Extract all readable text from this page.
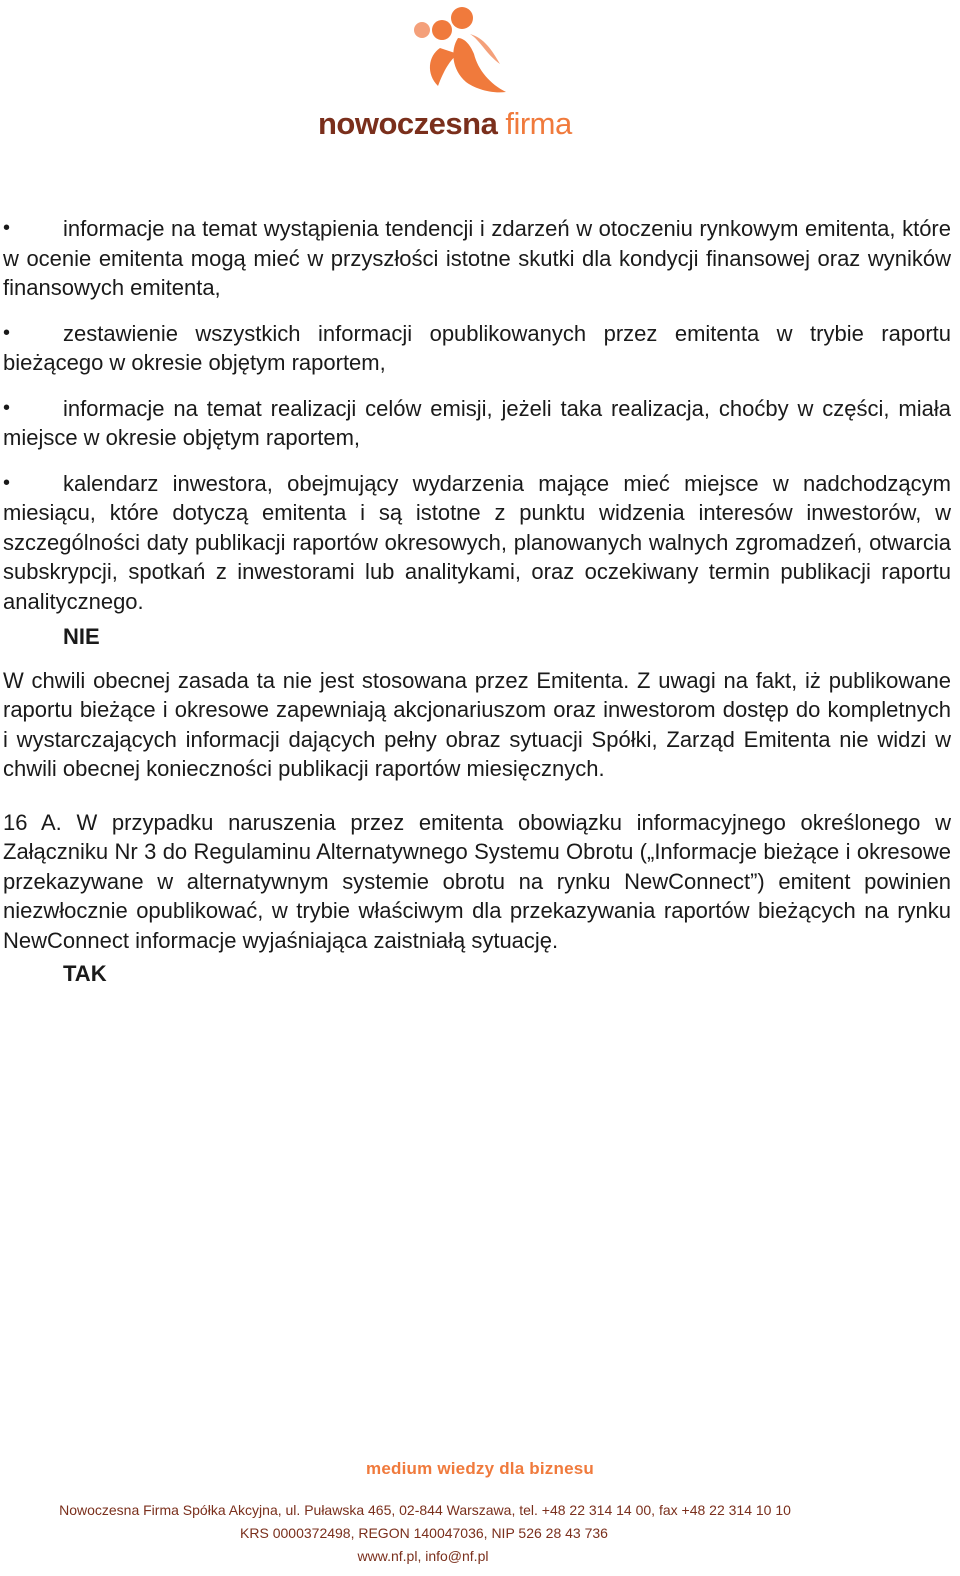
nowoczesna firma

• informacje na temat wystąpienia tendencji i zdarzeń w otoczeniu rynkowym emitenta, które w ocenie emitenta mogą mieć w przyszłości istotne skutki dla kondycji finansowej oraz wyników finansowych emitenta,

• zestawienie wszystkich informacji opublikowanych przez emitenta w trybie raportu bieżącego w okresie objętym raportem,

• informacje na temat realizacji celów emisji, jeżeli taka realizacja, choćby w części, miała miejsce w okresie objętym raportem,

• kalendarz inwestora, obejmujący wydarzenia mające mieć miejsce w nadchodzącym miesiącu, które dotyczą emitenta i są istotne z punktu widzenia interesów inwestorów, w szczególności daty publikacji raportów okresowych, planowanych walnych zgromadzeń, otwarcia subskrypcji, spotkań z inwestorami lub analitykami, oraz oczekiwany termin publikacji raportu analitycznego.

NIE

W chwili obecnej zasada ta nie jest stosowana przez Emitenta. Z uwagi na fakt, iż publikowane raportu bieżące i okresowe zapewniają akcjonariuszom oraz inwestorom dostęp do kompletnych i wystarczających informacji dających pełny obraz sytuacji Spółki, Zarząd Emitenta nie widzi w chwili obecnej konieczności publikacji raportów miesięcznych.

16 A. W przypadku naruszenia przez emitenta obowiązku informacyjnego określonego w Załączniku Nr 3 do Regulaminu Alternatywnego Systemu Obrotu („Informacje bieżące i okresowe przekazywane w alternatywnym systemie obrotu na rynku NewConnect”) emitent powinien niezwłocznie opublikować, w trybie właściwym dla przekazywania raportów bieżących na rynku NewConnect informacje wyjaśniająca zaistniałą sytuację.

TAK

medium wiedzy dla biznesu
Nowoczesna Firma Spółka Akcyjna, ul. Puławska 465, 02-844 Warszawa, tel. +48 22 314 14 00, fax +48 22 314 10 10
KRS 0000372498, REGON 140047036, NIP 526 28 43 736
www.nf.pl, info@nf.pl
